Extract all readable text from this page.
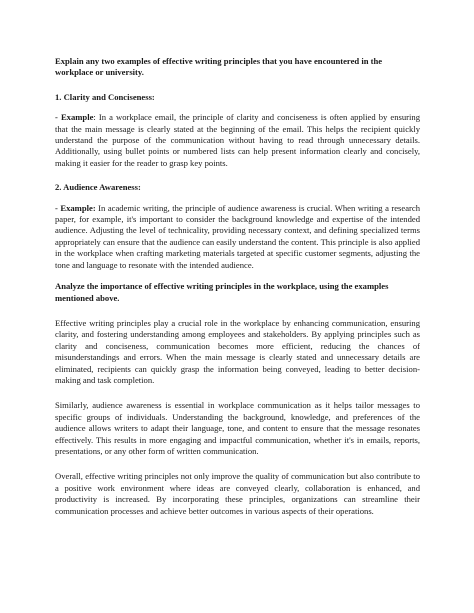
Explain any two examples of effective writing principles that you have encountered in the workplace or university.

1. Clarity and Conciseness:

- Example: In a workplace email, the principle of clarity and conciseness is often applied by ensuring that the main message is clearly stated at the beginning of the email. This helps the recipient quickly understand the purpose of the communication without having to read through unnecessary details. Additionally, using bullet points or numbered lists can help present information clearly and concisely, making it easier for the reader to grasp key points.

2. Audience Awareness:

- Example: In academic writing, the principle of audience awareness is crucial. When writing a research paper, for example, it's important to consider the background knowledge and expertise of the intended audience. Adjusting the level of technicality, providing necessary context, and defining specialized terms appropriately can ensure that the audience can easily understand the content. This principle is also applied in the workplace when crafting marketing materials targeted at specific customer segments, adjusting the tone and language to resonate with the intended audience.

Analyze the importance of effective writing principles in the workplace, using the examples mentioned above.

Effective writing principles play a crucial role in the workplace by enhancing communication, ensuring clarity, and fostering understanding among employees and stakeholders. By applying principles such as clarity and conciseness, communication becomes more efficient, reducing the chances of misunderstandings and errors. When the main message is clearly stated and unnecessary details are eliminated, recipients can quickly grasp the information being conveyed, leading to better decision-making and task completion.

Similarly, audience awareness is essential in workplace communication as it helps tailor messages to specific groups of individuals. Understanding the background, knowledge, and preferences of the audience allows writers to adapt their language, tone, and content to ensure that the message resonates effectively. This results in more engaging and impactful communication, whether it's in emails, reports, presentations, or any other form of written communication.

Overall, effective writing principles not only improve the quality of communication but also contribute to a positive work environment where ideas are conveyed clearly, collaboration is enhanced, and productivity is increased. By incorporating these principles, organizations can streamline their communication processes and achieve better outcomes in various aspects of their operations.
